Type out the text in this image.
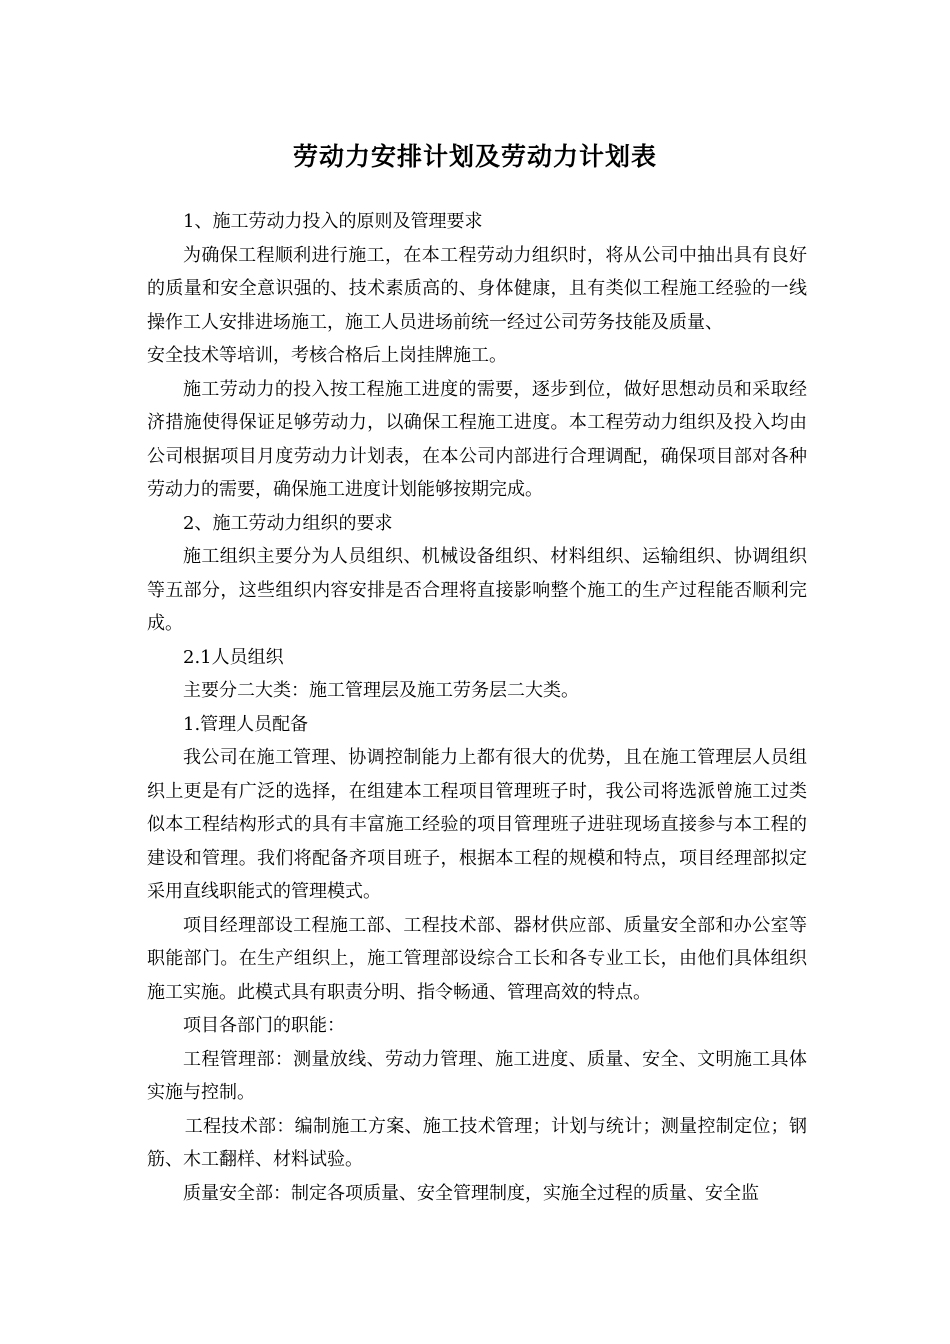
劳动力安排计划及劳动力计划表

1、施工劳动力投入的原则及管理要求

为确保工程顺利进行施工，在本工程劳动力组织时，将从公司中抽出具有良好的质量和安全意识强的、技术素质高的、身体健康，且有类似工程施工经验的一线操作工人安排进场施工，施工人员进场前统一经过公司劳务技能及质量、

安全技术等培训，考核合格后上岗挂牌施工。

施工劳动力的投入按工程施工进度的需要，逐步到位，做好思想动员和采取经济措施使得保证足够劳动力，以确保工程施工进度。本工程劳动力组织及投入均由公司根据项目月度劳动力计划表，在本公司内部进行合理调配，确保项目部对各种劳动力的需要，确保施工进度计划能够按期完成。

2、施工劳动力组织的要求

施工组织主要分为人员组织、机械设备组织、材料组织、运输组织、协调组织等五部分，这些组织内容安排是否合理将直接影响整个施工的生产过程能否顺利完成。

2.1人员组织

主要分二大类：施工管理层及施工劳务层二大类。

1.管理人员配备

我公司在施工管理、协调控制能力上都有很大的优势，且在施工管理层人员组织上更是有广泛的选择，在组建本工程项目管理班子时，我公司将选派曾施工过类似本工程结构形式的具有丰富施工经验的项目管理班子进驻现场直接参与本工程的建设和管理。我们将配备齐项目班子，根据本工程的规模和特点，项目经理部拟定采用直线职能式的管理模式。

项目经理部设工程施工部、工程技术部、器材供应部、质量安全部和办公室等职能部门。在生产组织上，施工管理部设综合工长和各专业工长，由他们具体组织施工实施。此模式具有职责分明、指令畅通、管理高效的特点。

项目各部门的职能：

工程管理部：测量放线、劳动力管理、施工进度、质量、安全、文明施工具体实施与控制。

工程技术部：编制施工方案、施工技术管理；计划与统计；测量控制定位；钢筋、木工翻样、材料试验。

质量安全部：制定各项质量、安全管理制度，实施全过程的质量、安全监
